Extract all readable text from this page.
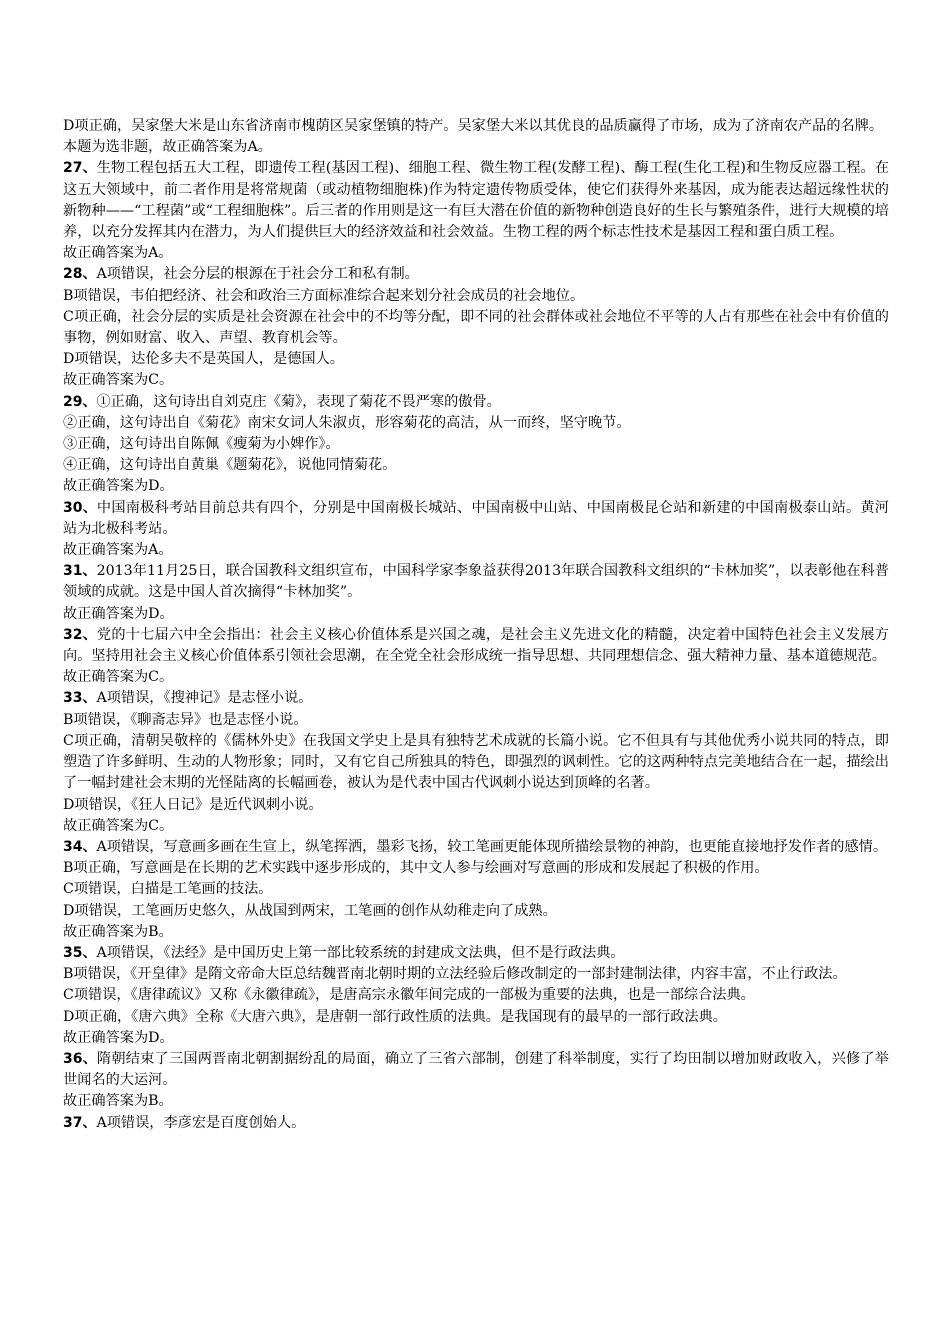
D项正确，吴家堡大米是山东省济南市槐荫区吴家堡镇的特产。吴家堡大米以其优良的品质赢得了市场，成为了济南农产品的名牌。

本题为选非题，故正确答案为A。

27、生物工程包括五大工程，即遗传工程(基因工程)、细胞工程、微生物工程(发酵工程)、酶工程(生化工程)和生物反应器工程。在这五大领域中，前二者作用是将常规菌（或动植物细胞株)作为特定遗传物质受体，使它们获得外来基因，成为能表达超远缘性状的新物种——“工程菌”或“工程细胞株”。后三者的作用则是这一有巨大潜在价值的新物种创造良好的生长与繁殖条件，进行大规模的培养，以充分发挥其内在潜力，为人们提供巨大的经济效益和社会效益。生物工程的两个标志性技术是基因工程和蛋白质工程。

故正确答案为A。

28、A项错误，社会分层的根源在于社会分工和私有制。

B项错误，韦伯把经济、社会和政治三方面标准综合起来划分社会成员的社会地位。

C项正确，社会分层的实质是社会资源在社会中的不均等分配，即不同的社会群体或社会地位不平等的人占有那些在社会中有价值的事物，例如财富、收入、声望、教育机会等。

D项错误，达伦多夫不是英国人，是德国人。

故正确答案为C。

29、①正确，这句诗出自刘克庄《菊》，表现了菊花不畏严寒的傲骨。

②正确，这句诗出自《菊花》南宋女词人朱淑贞，形容菊花的高洁，从一而终，坚守晚节。

③正确，这句诗出自陈佩《瘦菊为小婢作》。

④正确，这句诗出自黄巢《题菊花》，说他同情菊花。

故正确答案为D。

30、中国南极科考站目前总共有四个，分别是中国南极长城站、中国南极中山站、中国南极昆仑站和新建的中国南极泰山站。黄河站为北极科考站。

故正确答案为A。

31、2013年11月25日，联合国教科文组织宣布，中国科学家李象益获得2013年联合国教科文组织的“卡林加奖”，以表彰他在科普领域的成就。这是中国人首次摘得“卡林加奖”。

故正确答案为D。

32、党的十七届六中全会指出：社会主义核心价值体系是兴国之魂，是社会主义先进文化的精髓，决定着中国特色社会主义发展方向。坚持用社会主义核心价值体系引领社会思潮，在全党全社会形成统一指导思想、共同理想信念、强大精神力量、基本道德规范。

故正确答案为C。

33、A项错误，《搜神记》是志怪小说。

B项错误，《聊斋志异》也是志怪小说。

C项正确，清朝吴敬梓的《儒林外史》在我国文学史上是具有独特艺术成就的长篇小说。它不但具有与其他优秀小说共同的特点，即塑造了许多鲜明、生动的人物形象；同时，又有它自己所独具的特色，即强烈的讽刺性。它的这两种特点完美地结合在一起，描绘出了一幅封建社会末期的光怪陆离的长幅画卷，被认为是代表中国古代讽刺小说达到顶峰的名著。

D项错误，《狂人日记》是近代讽刺小说。

故正确答案为C。

34、A项错误，写意画多画在生宣上，纵笔挥洒，墨彩飞扬，较工笔画更能体现所描绘景物的神韵，也更能直接地抒发作者的感情。

B项正确，写意画是在长期的艺术实践中逐步形成的，其中文人参与绘画对写意画的形成和发展起了积极的作用。

C项错误，白描是工笔画的技法。

D项错误，工笔画历史悠久，从战国到两宋，工笔画的创作从幼稚走向了成熟。

故正确答案为B。

35、A项错误，《法经》是中国历史上第一部比较系统的封建成文法典，但不是行政法典。

B项错误，《开皇律》是隋文帝命大臣总结魏晋南北朝时期的立法经验后修改制定的一部封建制法律，内容丰富，不止行政法。

C项错误，《唐律疏议》又称《永徽律疏》，是唐高宗永徽年间完成的一部极为重要的法典，也是一部综合法典。

D项正确，《唐六典》全称《大唐六典》，是唐朝一部行政性质的法典。是我国现有的最早的一部行政法典。

故正确答案为D。

36、隋朝结束了三国两晋南北朝割据纷乱的局面，确立了三省六部制，创建了科举制度，实行了均田制以增加财政收入，兴修了举世闻名的大运河。

故正确答案为B。

37、A项错误，李彦宏是百度创始人。
